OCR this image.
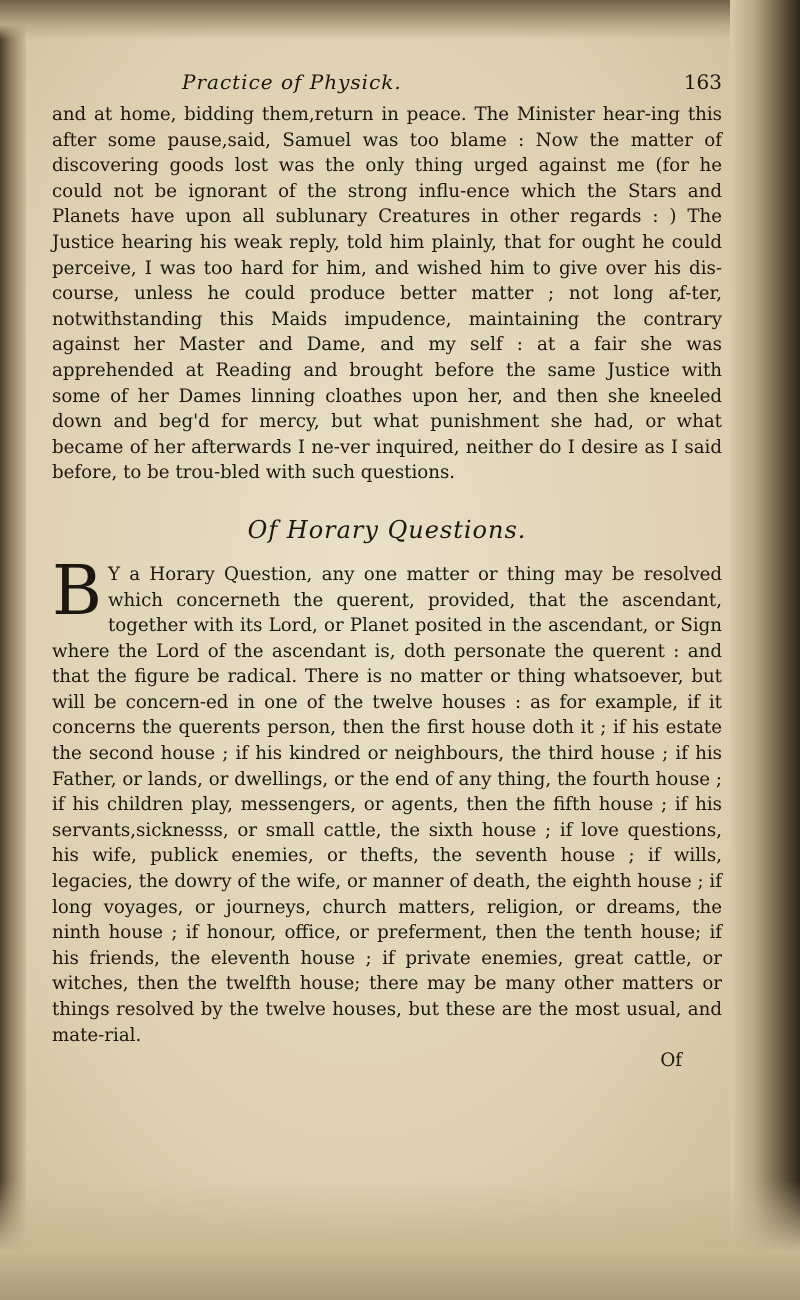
Practice of Physick.	163

and at home, bidding them,return in peace. The Minister hear-ing this after some pause,said, Samuel was too blame : Now the matter of discovering goods lost was the only thing urged against me (for he could not be ignorant of the strong influ-ence which the Stars and Planets have upon all sublunary Creatures in other regards : ) The Justice hearing his weak reply, told him plainly, that for ought he could perceive, I was too hard for him, and wished him to give over his dis-course, unless he could produce better matter ; not long af-ter, notwithstanding this Maids impudence, maintaining the contrary against her Master and Dame, and my self : at a fair she was apprehended at Reading and brought before the same Justice with some of her Dames linning cloathes upon her, and then she kneeled down and beg'd for mercy, but what punishment she had, or what became of her afterwards I ne-ver inquired, neither do I desire as I said before, to be trou-bled with such questions.

Of Horary Questions.

B Y a Horary Question, any one matter or thing may be resolved which concerneth the querent, provided, that the ascendant, together with its Lord, or Planet posited in the ascendant, or Sign where the Lord of the ascendant is, doth personate the querent : and that the figure be radical. There is no matter or thing whatsoever, but will be concern-ed in one of the twelve houses : as for example, if it concerns the querents person, then the first house doth it ; if his estate the second house ; if his kindred or neighbours, the third house ; if his Father, or lands, or dwellings, or the end of any thing, the fourth house ; if his children play, messengers, or agents, then the fifth house ; if his servants,sicknesss, or small cattle, the sixth house ; if love questions, his wife, publick enemies, or thefts, the seventh house ; if wills, legacies, the dowry of the wife, or manner of death, the eighth house ; if long voyages, or journeys, church matters, religion, or dreams, the ninth house ; if honour, office, or preferment, then the tenth house; if his friends, the eleventh house ; if private enemies, great cattle, or witches, then the twelfth house; there may be many other matters or things resolved by the twelve houses, but these are the most usual, and mate-rial.

Of
